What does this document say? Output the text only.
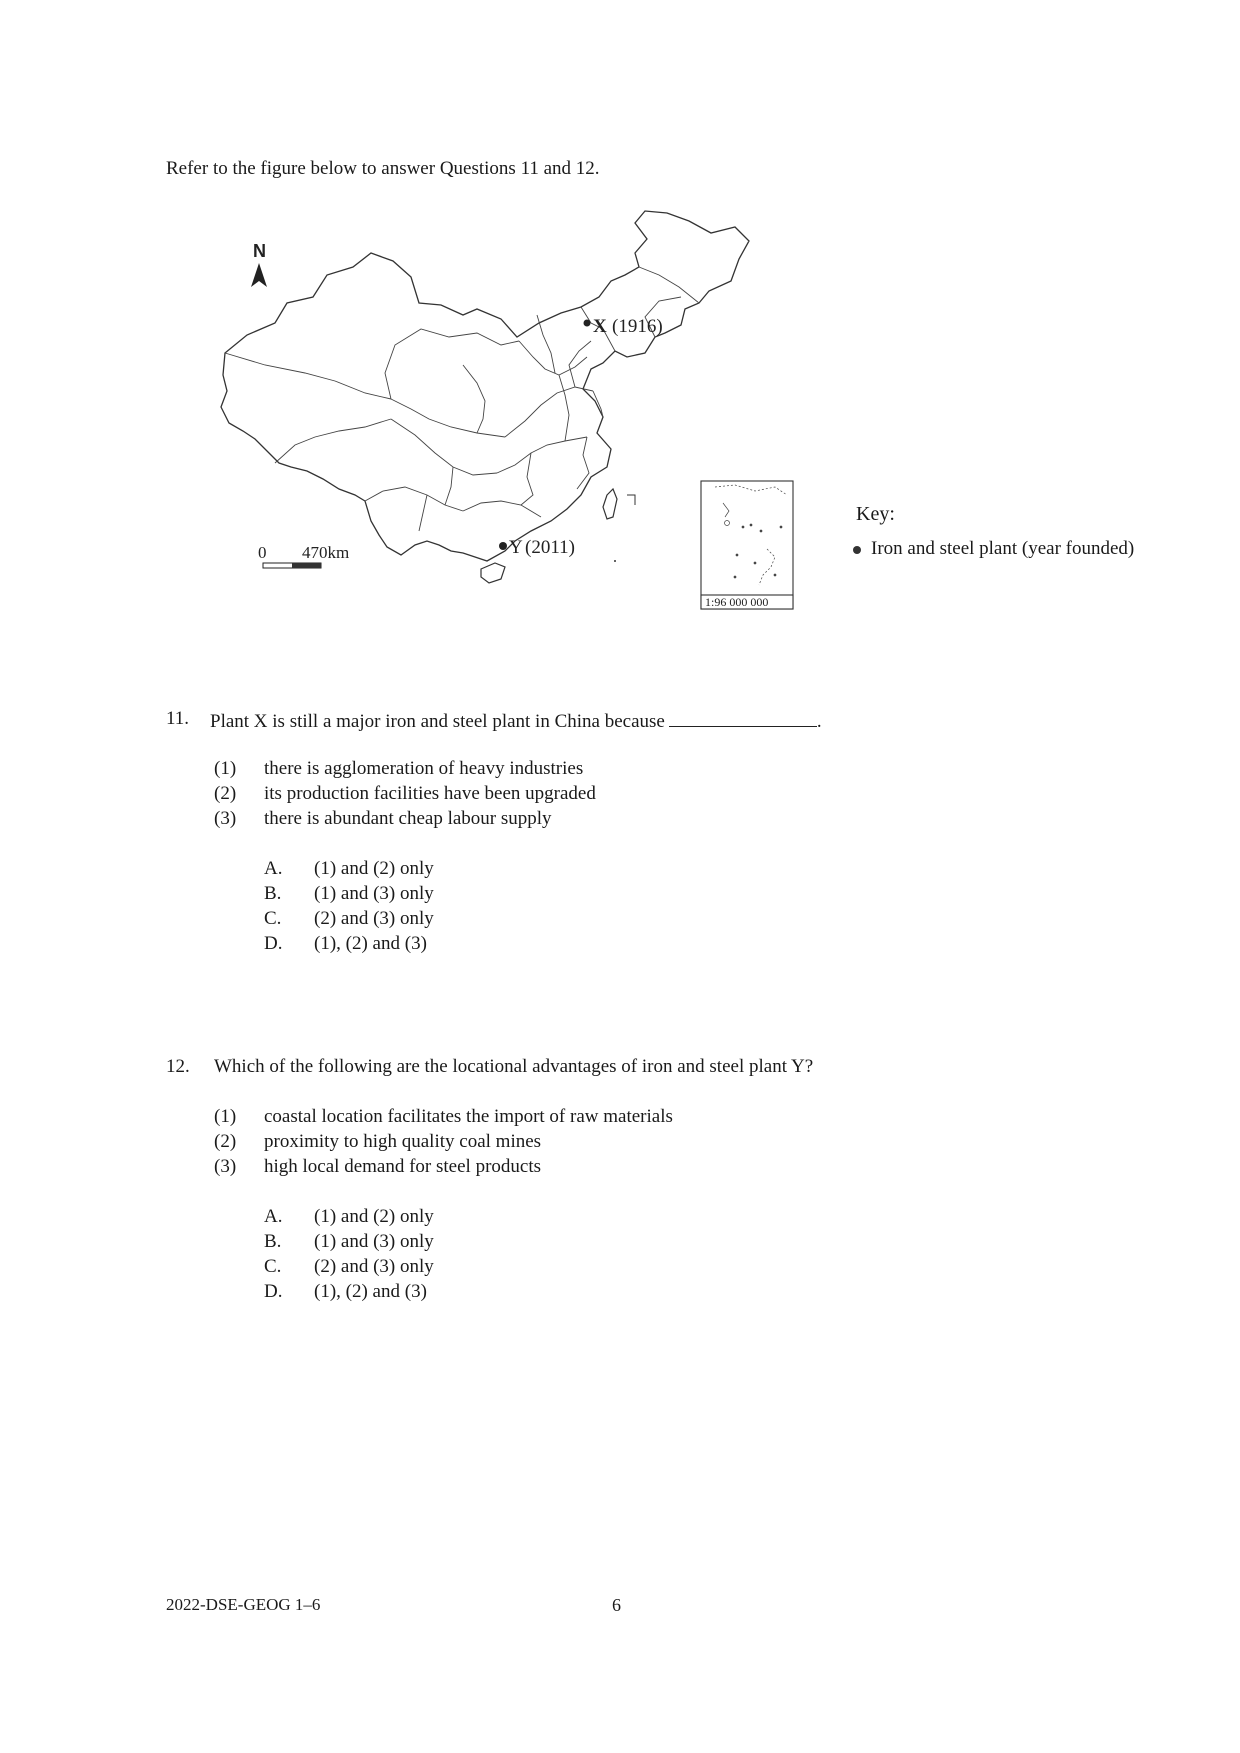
Refer to the figure below to answer Questions 11 and 12.
N
X (1916)
Y (2011)
0 470km
1:96 000 000
Key:
Iron and steel plant (year founded)
11. Plant X is still a major iron and steel plant in China because	.
(1) there is agglomeration of heavy industries
(2) its production facilities have been upgraded
(3) there is abundant cheap labour supply
A. (1) and (2) only
B. (1) and (3) only
C. (2) and (3) only
D. (1), (2) and (3)
12. Which of the following are the locational advantages of iron and steel plant Y?
(1) coastal location facilitates the import of raw materials
(2) proximity to high quality coal mines
(3) high local demand for steel products
A. (1) and (2) only
B. (1) and (3) only
C. (2) and (3) only
D. (1), (2) and (3)
2022-DSE-GEOG 1–6	6
